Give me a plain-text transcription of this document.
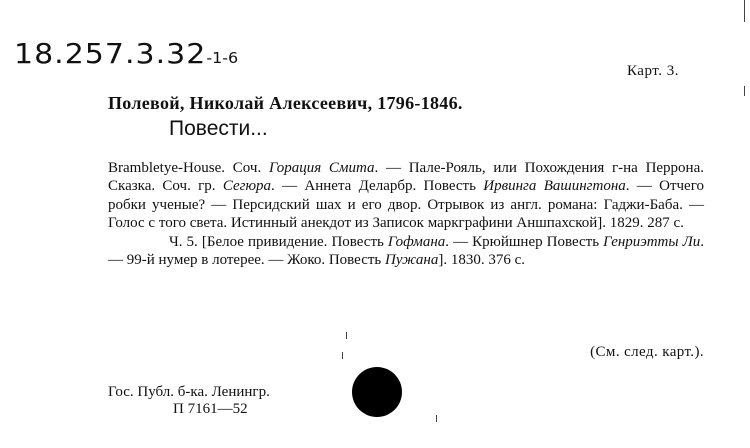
18.257.3.32-1-6
Карт. 3.
Полевой, Николай Алексеевич, 1796-1846.
Повести...

Brambletye-House. Соч. Горация Смита. — Пале-Рояль, или Похождения г-на Перрона. Сказка. Соч. гр. Сегюра. — Аннета Деларбр. Повесть Ирвинга Вашингтона. — Отчего робки ученые? — Персидский шах и его двор. Отрывок из англ. романа: Гаджи-Баба. — Голос с того света. Истинный анекдот из Записок маркграфини Аншпахской]. 1829. 287 с.

Ч. 5. [Белое привидение. Повесть Гофмана. — Крюйшнер Повесть Генриэтты Ли. — 99-й нумер в лотерее. — Жоко. Повесть Пужана]. 1830. 376 с.

(См. след. карт.).
Гос. Публ. б-ка. Ленингр.
П 7161—52
